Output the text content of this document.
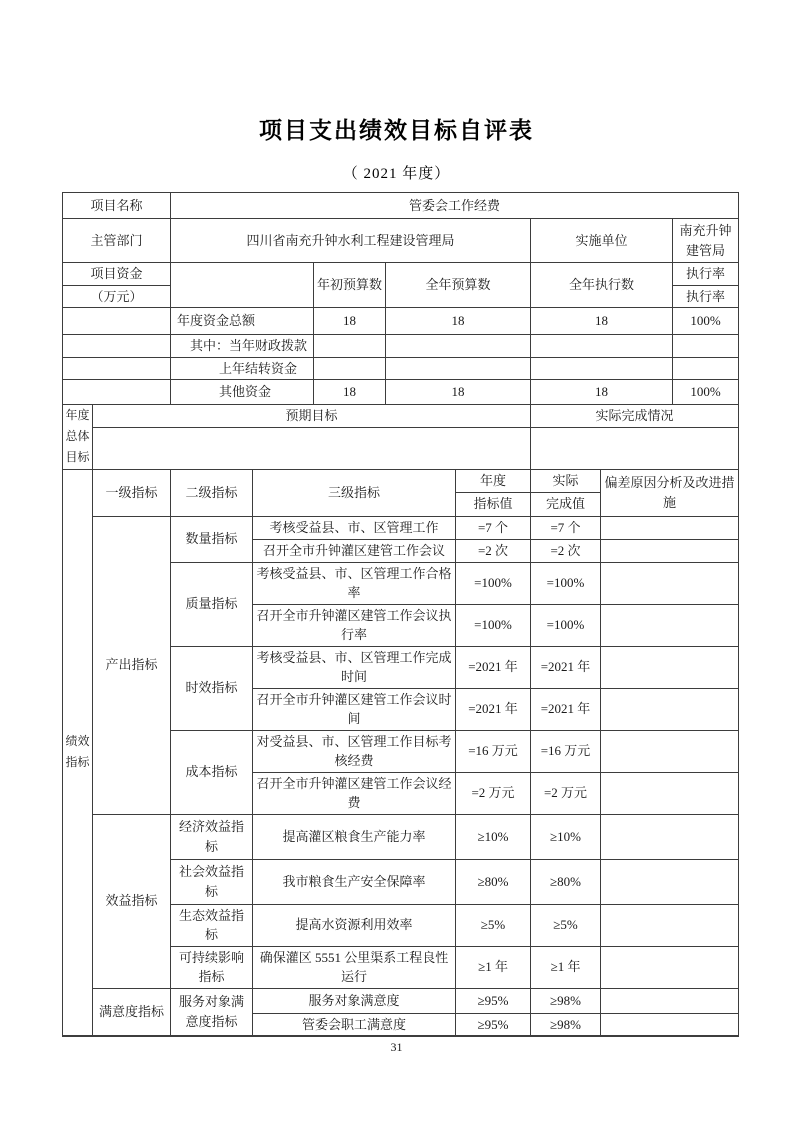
项目支出绩效目标自评表
（ 2021 年度）
项目名称		管委会工作经费							
主管部门		四川省南充升钟水利工程建设管理局					实施单位		南充升钟建管局
项目资金				年初预算数	全年预算数		全年执行数		执行率
（万元）									执行率
		年度资金总额		18	18		18		100%
		其中：当年财政拨款							
		上年结转资金							
		其他资金		18	18		18		100%
年度总体目标	预期目标						实际完成情况		

绩效指标	一级指标	二级指标	三级指标			年度	实际	偏差原因分析及改进措施	
						指标值	完成值		
	产出指标	数量指标	考核受益县、市、区管理工作			=7 个	=7 个		
			召开全市升钟灌区建管工作会议			=2 次	=2 次		
		质量指标	考核受益县、市、区管理工作合格率			=100%	=100%		
			召开全市升钟灌区建管工作会议执行率			=100%	=100%		
		时效指标	考核受益县、市、区管理工作完成时间			=2021 年	=2021 年		
			召开全市升钟灌区建管工作会议时间			=2021 年	=2021 年		
		成本指标	对受益县、市、区管理工作目标考核经费			=16 万元	=16 万元		
			召开全市升钟灌区建管工作会议经费			=2 万元	=2 万元		
	效益指标	经济效益指标	提高灌区粮食生产能力率			≥10%	≥10%		
		社会效益指标	我市粮食生产安全保障率			≥80%	≥80%		
		生态效益指标	提高水资源利用效率			≥5%	≥5%		
		可持续影响指标	确保灌区 5551 公里渠系工程良性运行			≥1 年	≥1 年		
	满意度指标	服务对象满意度指标	服务对象满意度			≥95%	≥98%		
			管委会职工满意度			≥95%	≥98%		
31
